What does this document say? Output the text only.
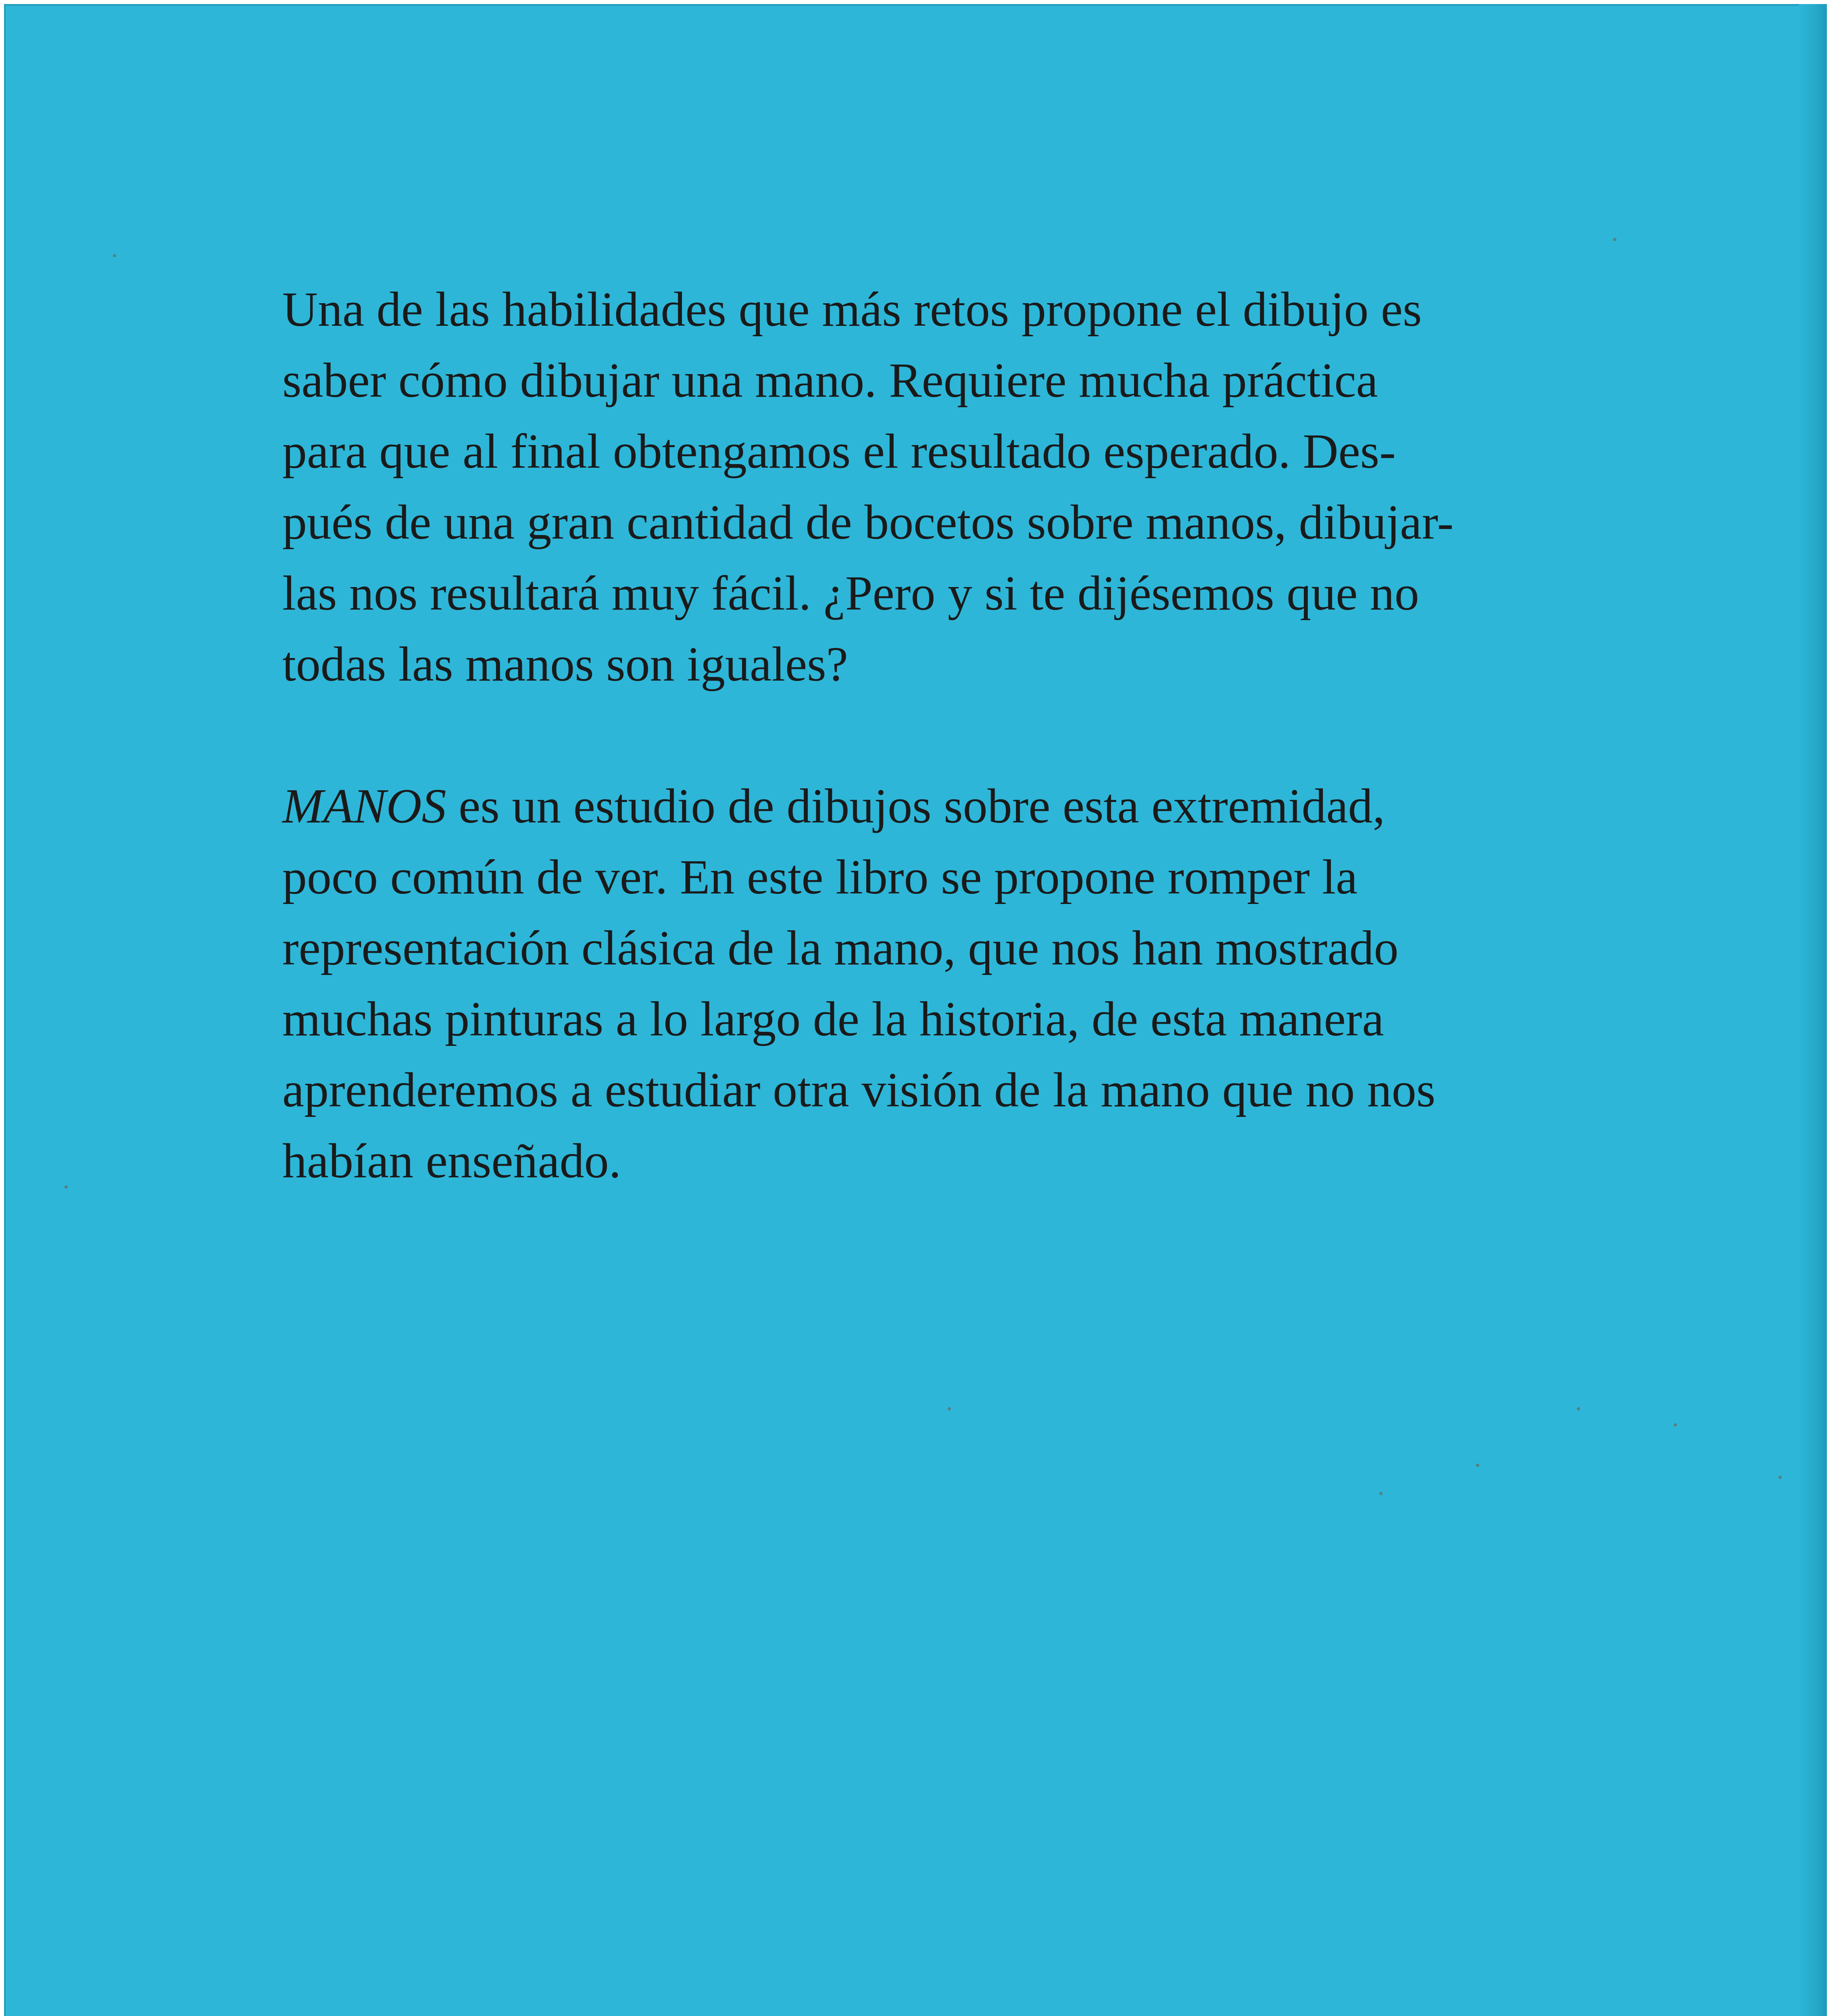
Una de las habilidades que más retos propone el dibujo es
saber cómo dibujar una mano. Requiere mucha práctica
para que al final obtengamos el resultado esperado. Des-
pués de una gran cantidad de bocetos sobre manos, dibujar-
las nos resultará muy fácil. ¿Pero y si te dijésemos que no
todas las manos son iguales?

MANOS es un estudio de dibujos sobre esta extremidad,
poco común de ver. En este libro se propone romper la
representación clásica de la mano, que nos han mostrado
muchas pinturas a lo largo de la historia, de esta manera
aprenderemos a estudiar otra visión de la mano que no nos
habían enseñado.
